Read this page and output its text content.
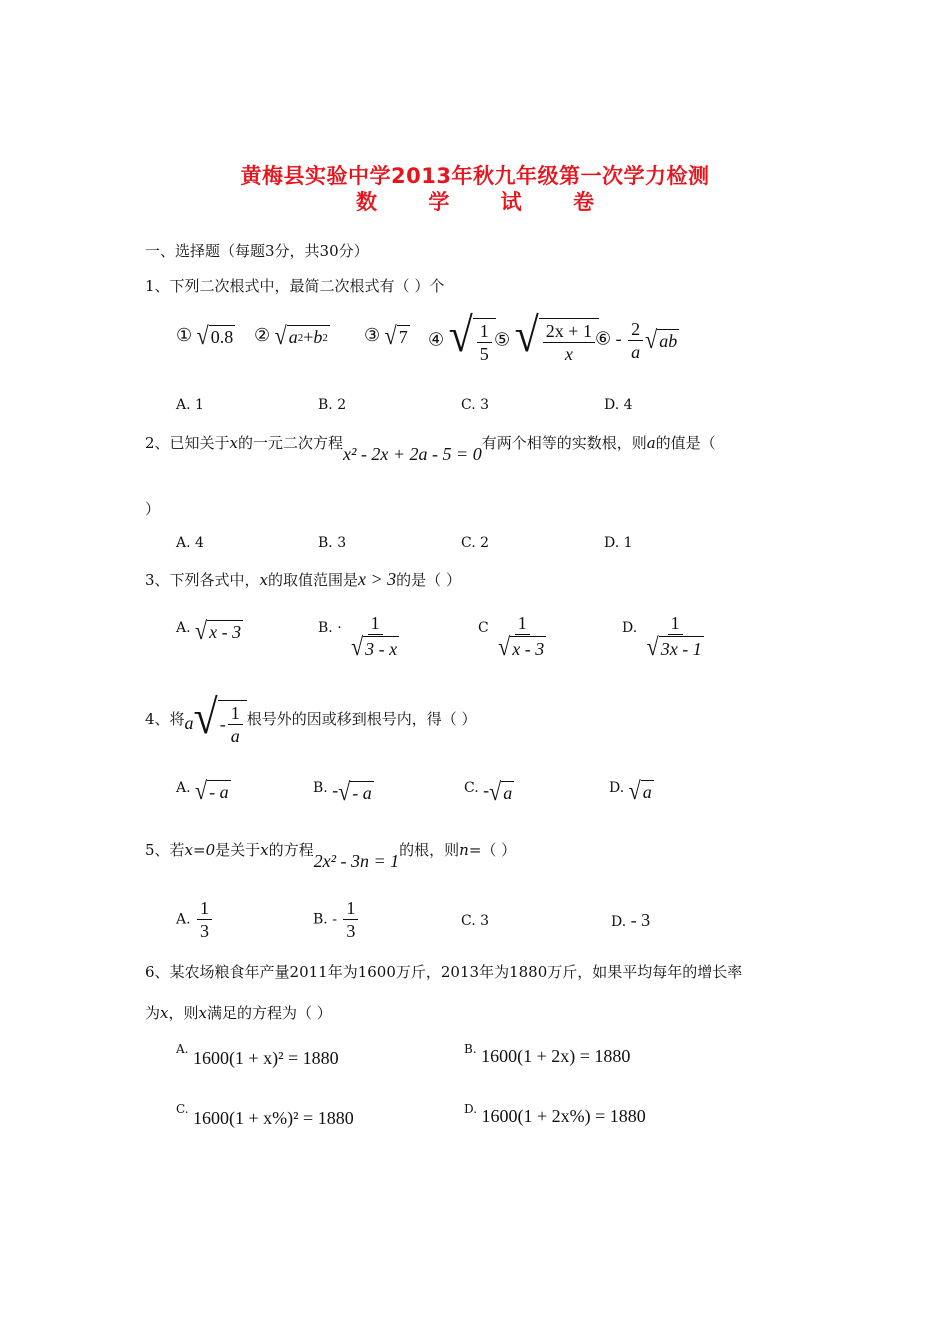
黄梅县实验中学2013年秋九年级第一次学力检测
数 学 试 卷
一、选择题（每题3分，共30分）
1、下列二次根式中，最简二次根式有（ ）个
① √ 0.8 ② √ a 2 + b 2 ③ √ 7 ④ √ $\frac{1}{5}$ ⑤ √ $\frac{2x + 1}{x}$ ⑥ - $\frac{2}{a}$ √ ab
A. 1	B. 2	C. 3	D. 4
2、已知关于x的一元二次方程x² - 2x + 2a - 5 = 0有两个相等的实数根，则a的值是（
）
A. 4	B. 3	C. 2	D. 1
3、下列各式中，x的取值范围是x > 3的是（ ）
A. √ x - 3	B. · $\frac{1}{√ 3 - x}$	C $\frac{1}{√ x - 3}$	D. $\frac{1}{√ 3x - 1}$
4、将a √ - $\frac{1}{a}$ 根号外的因或移到根号内，得（ ）
A. √ - a	B. - √ - a	C. - √ a	D. √ a
5、若x=0是关于x的方程2x² - 3n = 1的根，则n=（ ）
A. $\frac{1}{3}$	B. - $\frac{1}{3}$	C. 3	D. - 3
6、某农场粮食年产量2011年为1600万斤，2013年为1880万斤，如果平均每年的增长率
为x，则x满足的方程为（ ）
A. 1600(1 + x)² = 1880	B. 1600(1 + 2x) = 1880
C. 1600(1 + x%)² = 1880	D. 1600(1 + 2x%) = 1880
